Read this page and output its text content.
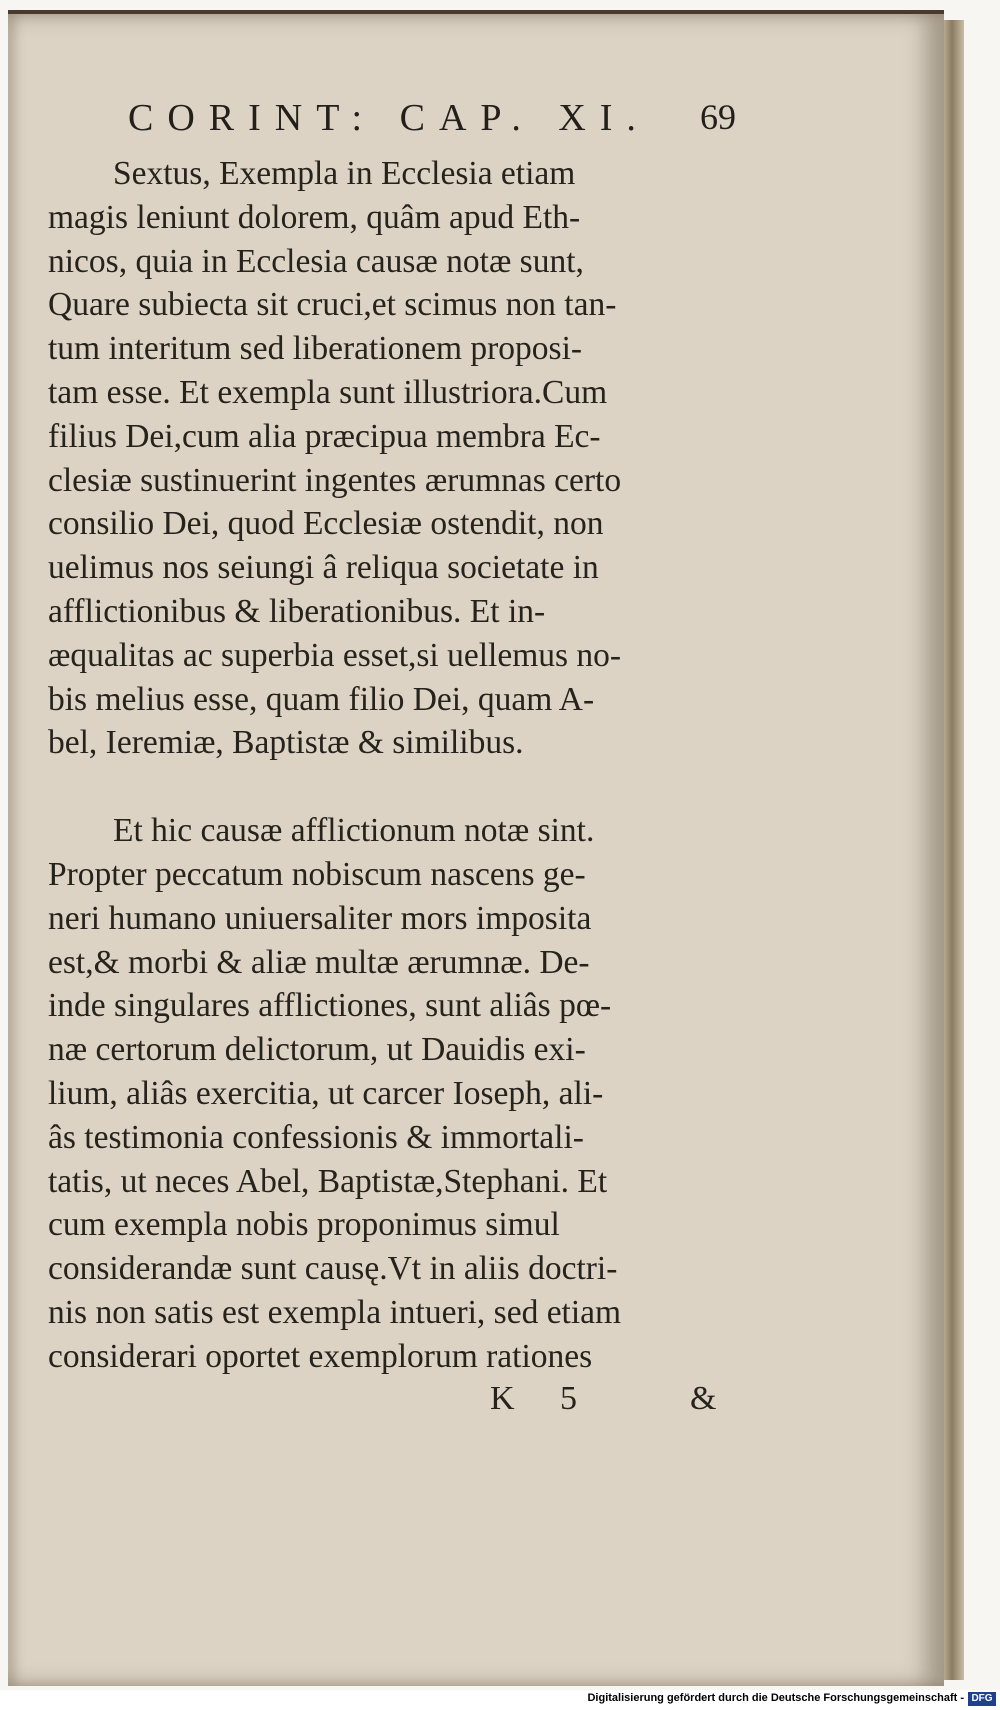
CORINT: CAP. XI.	69
Sextus, Exempla in Ecclesia etiam
magis leniunt dolorem, quâm apud Eth-
nicos, quia in Ecclesia causæ notæ sunt,
Quare subiecta sit cruci,et scimus non tan-
tum interitum sed liberationem proposi-
tam esse. Et exempla sunt illustriora.Cum
filius Dei,cum alia præcipua membra Ec-
clesiæ sustinuerint ingentes ærumnas certo
consilio Dei, quod Ecclesiæ ostendit, non
uelimus nos seiungi â reliqua societate in
afflictionibus & liberationibus. Et in-
æqualitas ac superbia esset,si uellemus no-
bis melius esse, quam filio Dei, quam A-
bel, Ieremiæ, Baptistæ & similibus.
Et hic causæ afflictionum notæ sint.
Propter peccatum nobiscum nascens ge-
neri humano uniuersaliter mors imposita
est,& morbi & aliæ multæ ærumnæ. De-
inde singulares afflictiones, sunt aliâs pœ-
næ certorum delictorum, ut Dauidis exi-
lium, aliâs exercitia, ut carcer Ioseph, ali-
âs testimonia confessionis & immortali-
tatis, ut neces Abel, Baptistæ,Stephani. Et
cum exempla nobis proponimus simul
considerandæ sunt causę.Vt in aliis doctri-
nis non satis est exempla intueri, sed etiam
considerari oportet exemplorum rationes
K 5	&
Digitalisierung gefördert durch die Deutsche Forschungsgemeinschaft - DFG
